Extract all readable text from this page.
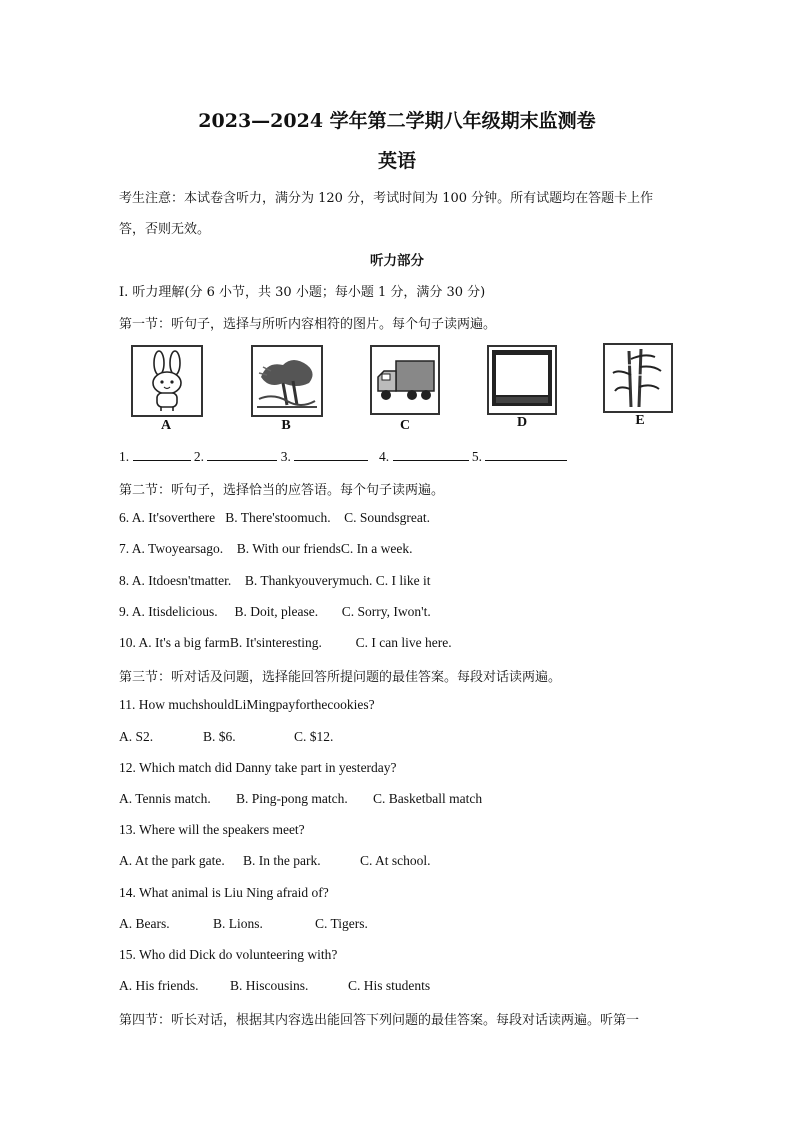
2023—2024 学年第二学期八年级期末监测卷
英语
考生注意：本试卷含听力，满分为 120 分，考试时间为 100 分钟。所有试题均在答题卡上作
答，否则无效。
听力部分
I. 听力理解(分 6 小节，共 30 小题；每小题 1 分，满分 30 分)
第一节：听句子，选择与所听内容相符的图片。每个句子读两遍。
A	B	C	D	E
1.	2.	3.	4.	5.
第二节：听句子，选择恰当的应答语。每个句子读两遍。
6. A. It'soverthere B. There'stoomuch. C. Soundsgreat.
7. A. Twoyearsago. B. With our friendsC. In a week.
8. A. Itdoesn'tmatter. B. Thankyouverymuch. C. I like it
9. A. Itisdelicious. B. Doit, please. C. Sorry, Iwon't.
10. A. It's a big farmB. It'sinteresting.	C. I can live here.
第三节：听对话及问题，选择能回答所提问题的最佳答案。每段对话读两遍。
11. How muchshouldLiMingpayforthecookies?
A. S2.	B. $6.	C. $12.
12. Which match did Danny take part in yesterday?
A. Tennis match. B. Ping-pong match. C. Basketball match
13. Where will the speakers meet?
A. At the park gate. B. In the park.	C. At school.
14. What animal is Liu Ning afraid of?
A. Bears.	B. Lions.	C. Tigers.
15. Who did Dick do volunteering with?
A. His friends. B. Hiscousins.	C. His students
第四节：听长对话，根据其内容选出能回答下列问题的最佳答案。每段对话读两遍。听第一
